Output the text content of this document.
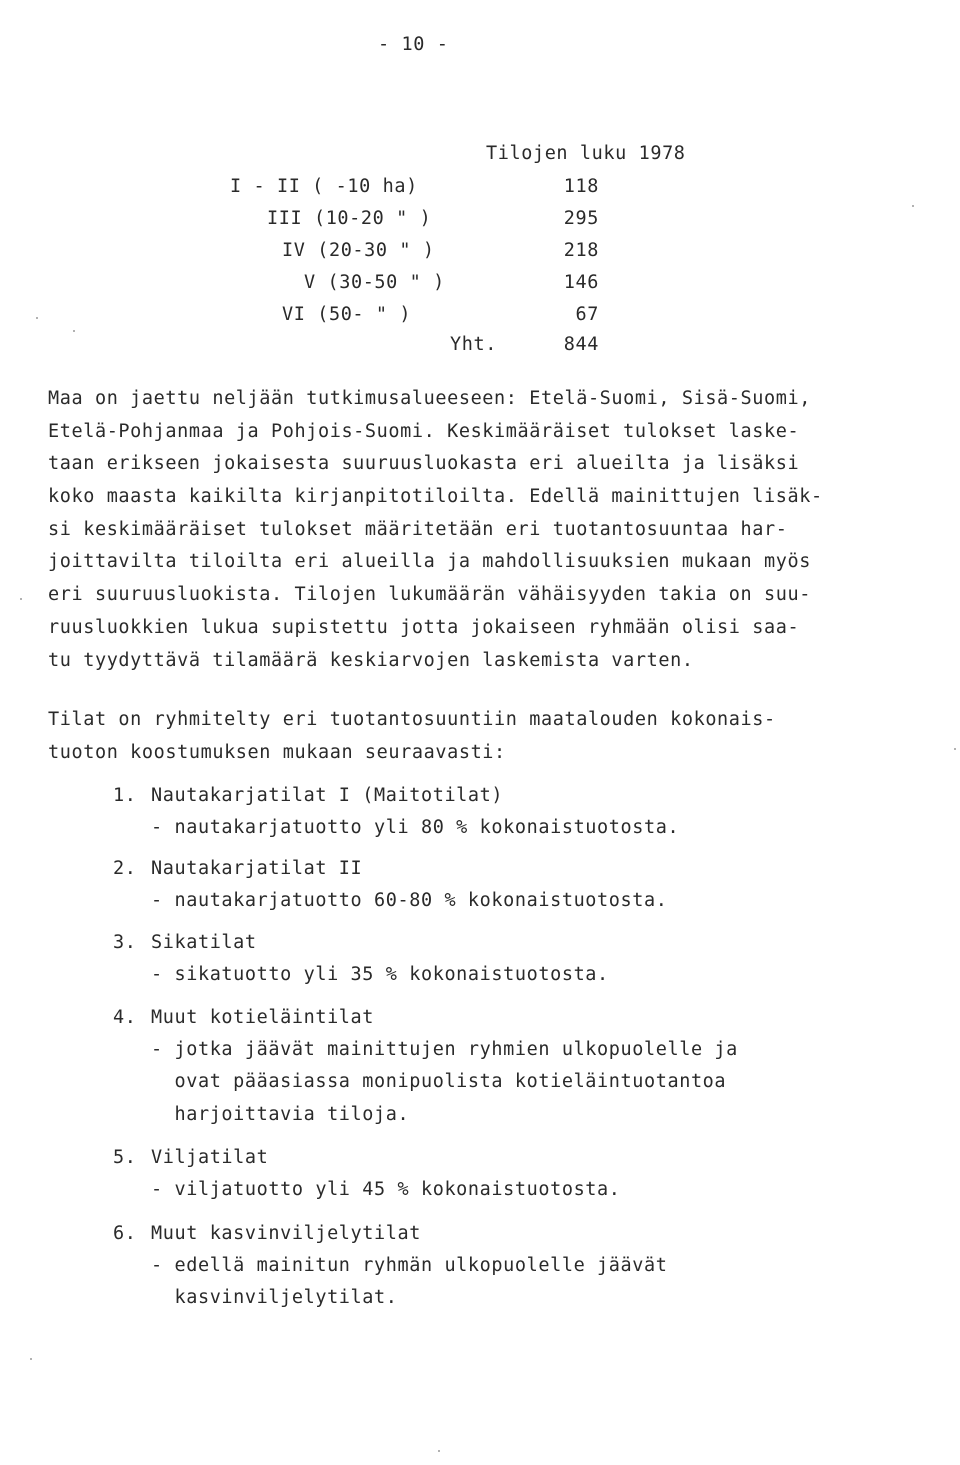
- 10 -
Tilojen luku 1978
I - II ( -10 ha)	118
III (10-20 " )	295
IV (20-30 " )	218
V (30-50 " )	146
VI (50- " )	67
Yht.	844
Maa on jaettu neljään tutkimusalueeseen: Etelä-Suomi, Sisä-Suomi,
Etelä-Pohjanmaa ja Pohjois-Suomi. Keskimääräiset tulokset laske-
taan erikseen jokaisesta suuruusluokasta eri alueilta ja lisäksi
koko maasta kaikilta kirjanpitotiloilta. Edellä mainittujen lisäk-
si keskimääräiset tulokset määritetään eri tuotantosuuntaa har-
joittavilta tiloilta eri alueilla ja mahdollisuuksien mukaan myös
eri suuruusluokista. Tilojen lukumäärän vähäisyyden takia on suu-
ruusluokkien lukua supistettu jotta jokaiseen ryhmään olisi saa-
tu tyydyttävä tilamäärä keskiarvojen laskemista varten.
Tilat on ryhmitelty eri tuotantosuuntiin maatalouden kokonais-
tuoton koostumuksen mukaan seuraavasti:
1. Nautakarjatilat I (Maitotilat)
- nautakarjatuotto yli 80 % kokonaistuotosta.
2. Nautakarjatilat II
- nautakarjatuotto 60-80 % kokonaistuotosta.
3. Sikatilat
- sikatuotto yli 35 % kokonaistuotosta.
4. Muut kotieläintilat
- jotka jäävät mainittujen ryhmien ulkopuolelle ja
ovat pääasiassa monipuolista kotieläintuotantoa
harjoittavia tiloja.
5. Viljatilat
- viljatuotto yli 45 % kokonaistuotosta.
6. Muut kasvinviljelytilat
- edellä mainitun ryhmän ulkopuolelle jäävät
kasvinviljelytilat.
